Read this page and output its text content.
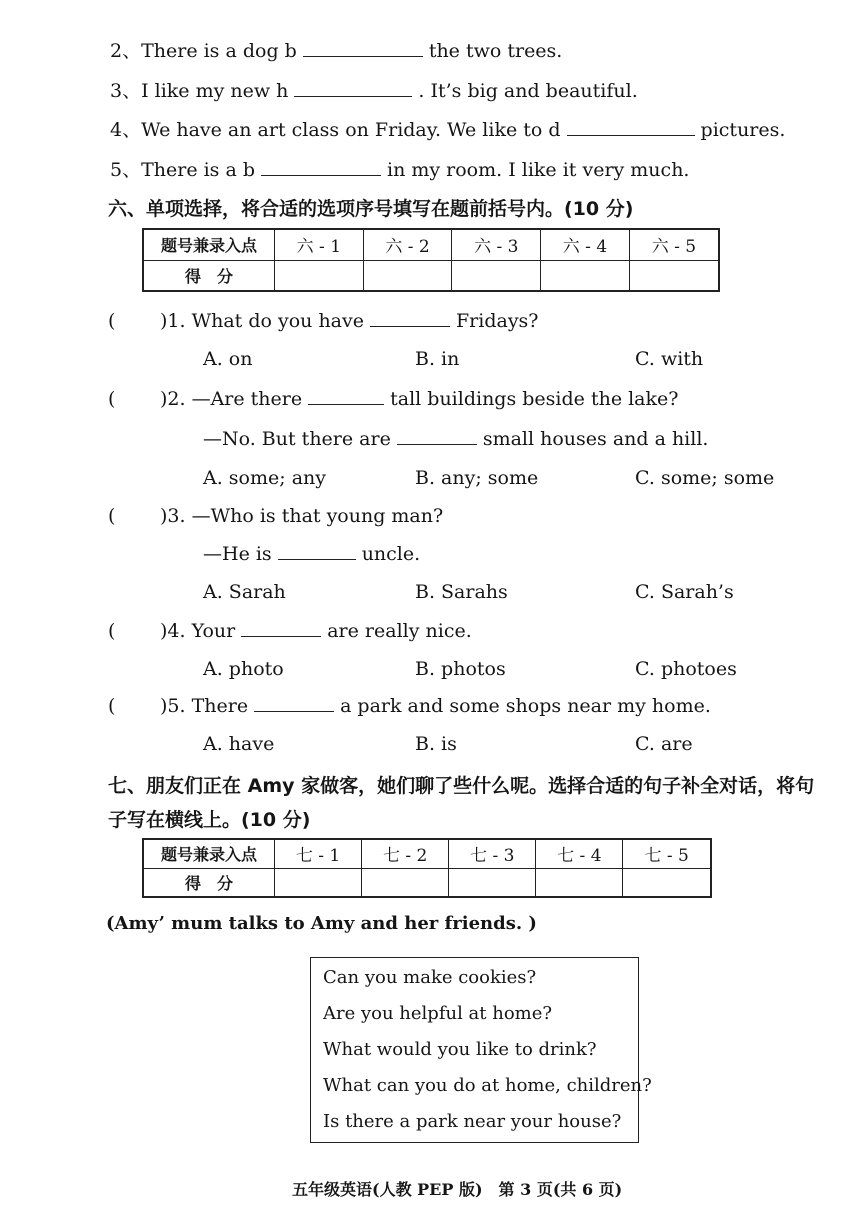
2、There is a dog b	the two trees.
3、I like my new h	. It’s big and beautiful.
4、We have an art class on Friday. We like to d	pictures.
5、There is a b	in my room. I like it very much.
六、单项选择，将合适的选项序号填写在题前括号内。(10 分)
题号兼录入点	六 - 1	六 - 2	六 - 3	六 - 4	六 - 5
得　分					
( )1. What do you have	Fridays?
A. on	B. in	C. with
( )2. —Are there	tall buildings beside the lake?
—No. But there are	small houses and a hill.
A. some; any	B. any; some	C. some; some
( )3. —Who is that young man?
—He is	uncle.
A. Sarah	B. Sarahs	C. Sarah’s
( )4. Your	are really nice.
A. photo	B. photos	C. photoes
( )5. There	a park and some shops near my home.
A. have	B. is	C. are
七、朋友们正在 Amy 家做客，她们聊了些什么呢。选择合适的句子补全对话，将句
子写在横线上。(10 分)
题号兼录入点	七 - 1	七 - 2	七 - 3	七 - 4	七 - 5
得　分					
(Amy’ mum talks to Amy and her friends. )
Can you make cookies?
Are you helpful at home?
What would you like to drink?
What can you do at home, children?
Is there a park near your house?
五年级英语(人教 PEP 版)　第 3 页(共 6 页)
